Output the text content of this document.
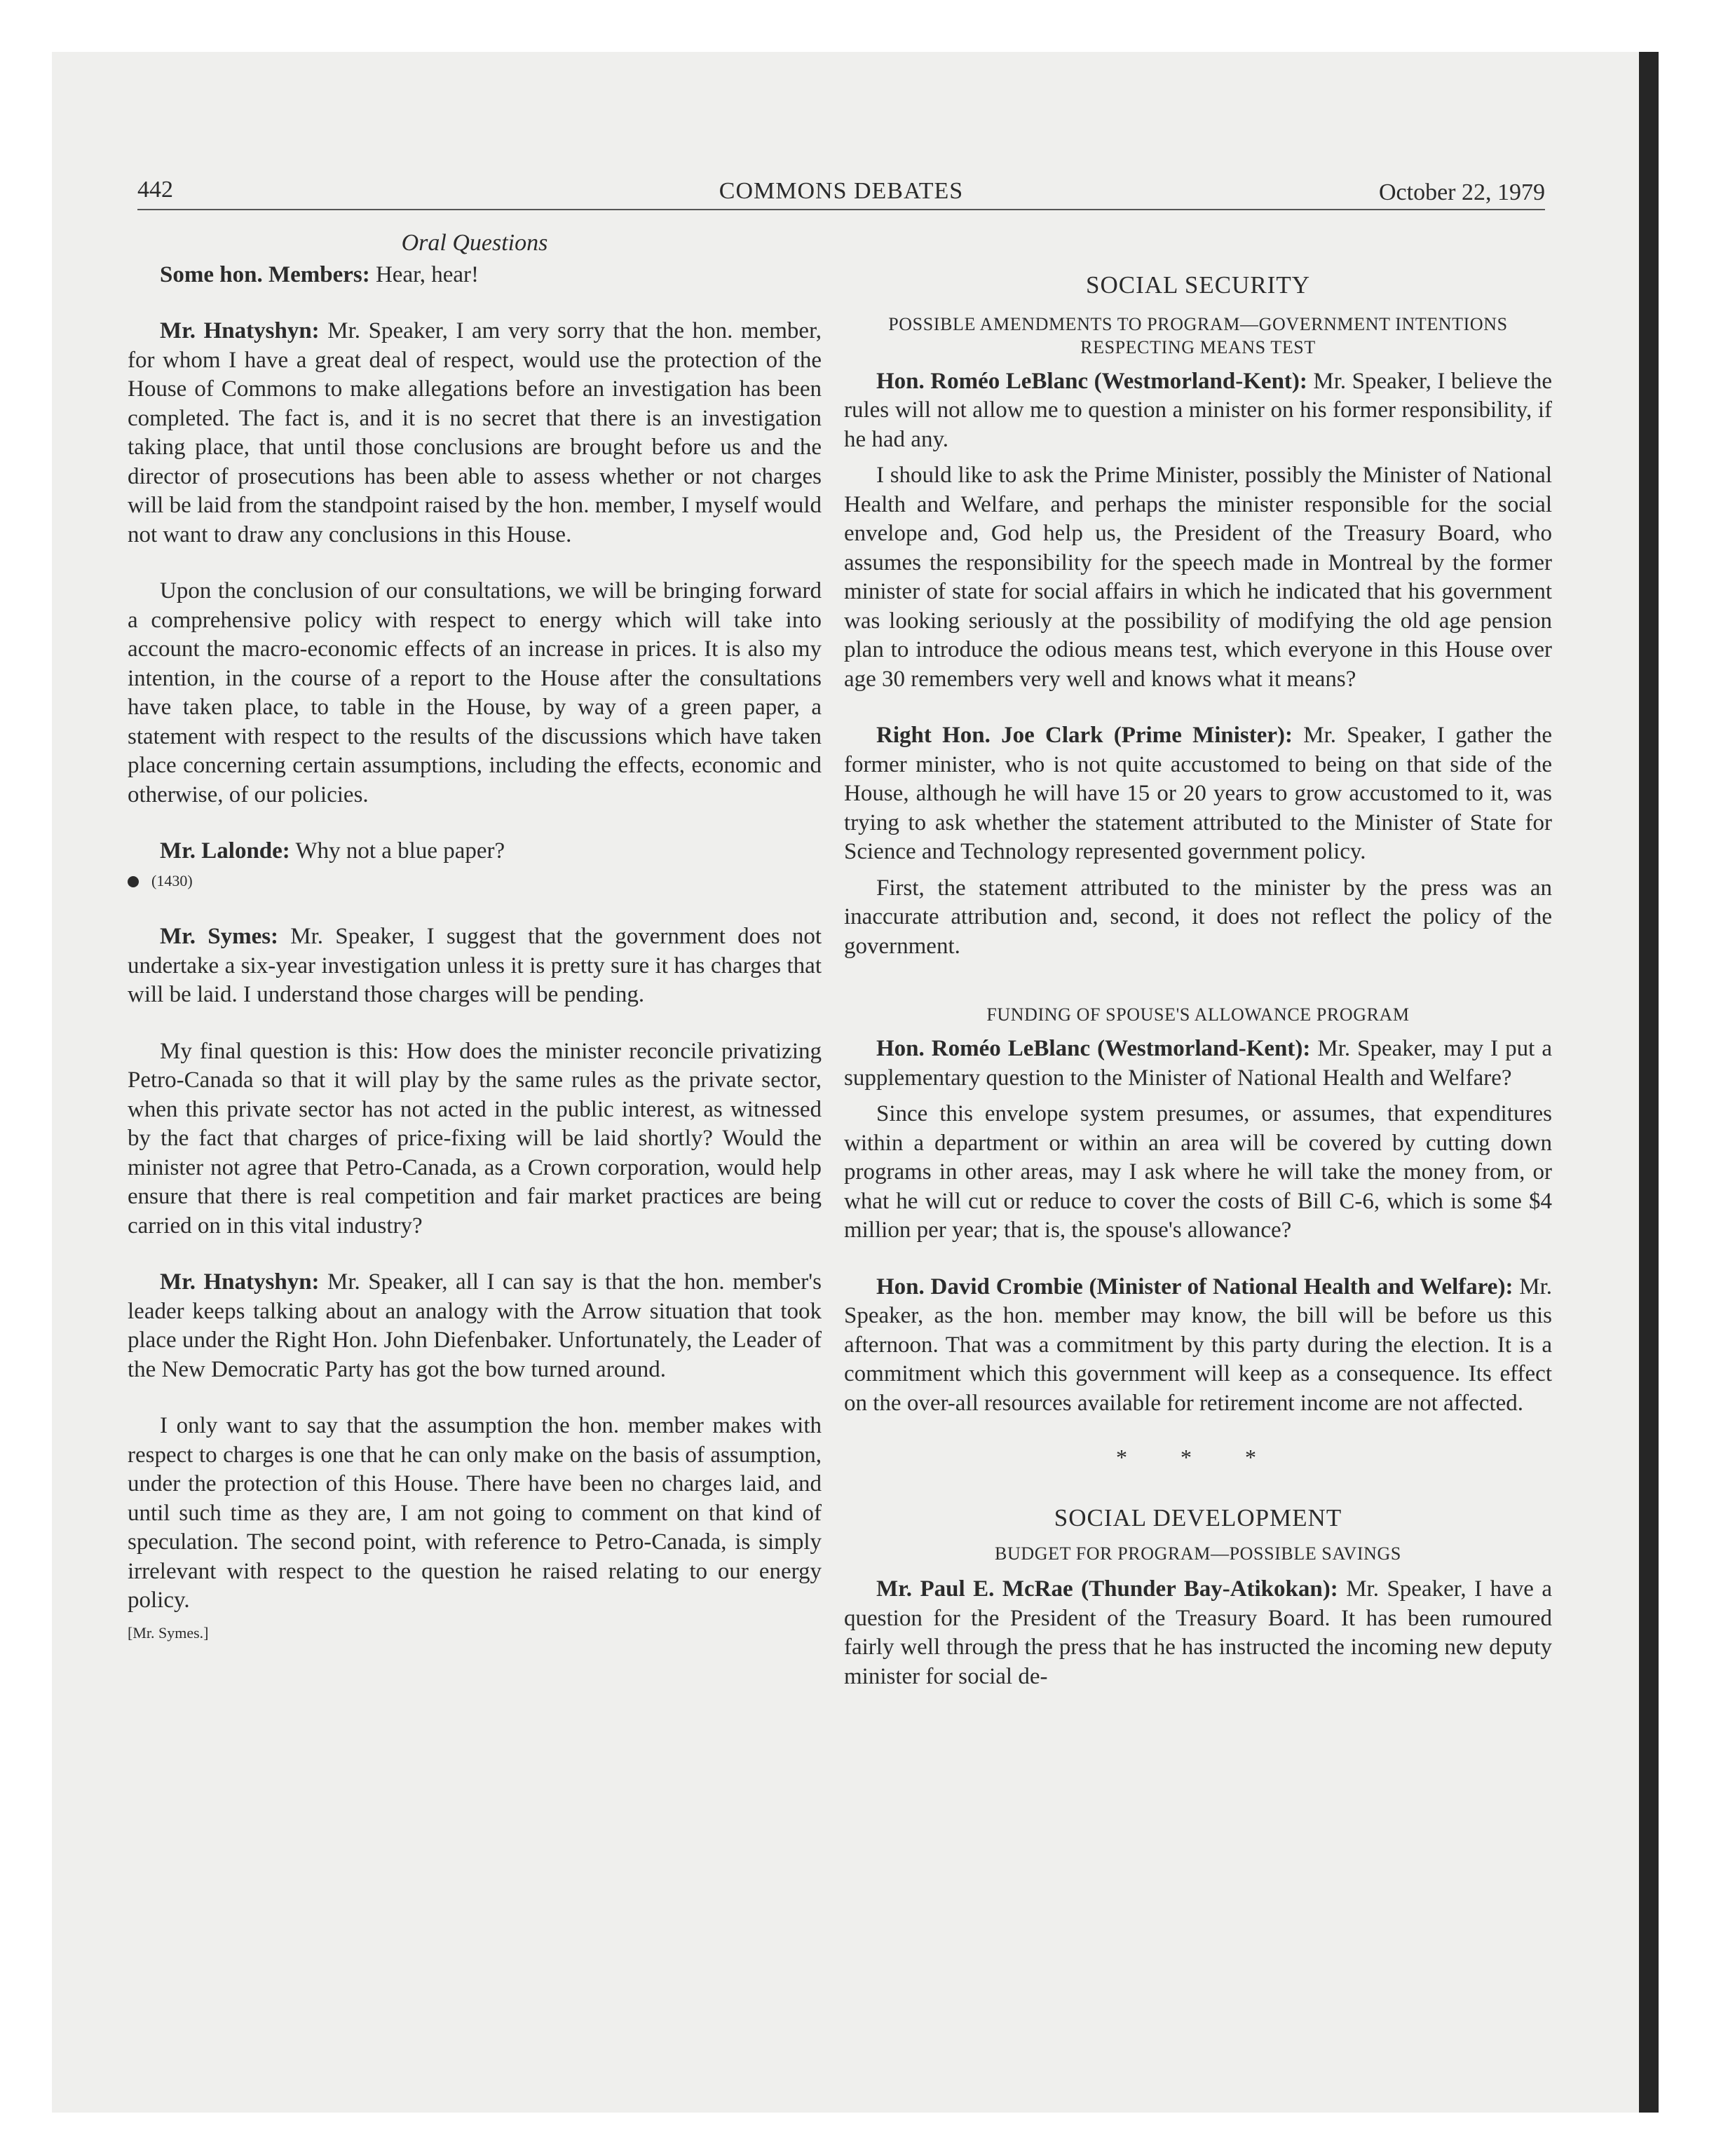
442	COMMONS DEBATES	October 22, 1979

Oral Questions

Some hon. Members: Hear, hear!

Mr. Hnatyshyn: Mr. Speaker, I am very sorry that the hon. member, for whom I have a great deal of respect, would use the protection of the House of Commons to make allegations before an investigation has been completed. The fact is, and it is no secret that there is an investigation taking place, that until those conclusions are brought before us and the director of prosecutions has been able to assess whether or not charges will be laid from the standpoint raised by the hon. member, I myself would not want to draw any conclusions in this House.

Upon the conclusion of our consultations, we will be bringing forward a comprehensive policy with respect to energy which will take into account the macro-economic effects of an increase in prices. It is also my intention, in the course of a report to the House after the consultations have taken place, to table in the House, by way of a green paper, a statement with respect to the results of the discussions which have taken place concerning certain assumptions, including the effects, economic and otherwise, of our policies.

Mr. Lalonde: Why not a blue paper?

(1430)

Mr. Symes: Mr. Speaker, I suggest that the government does not undertake a six-year investigation unless it is pretty sure it has charges that will be laid. I understand those charges will be pending.

My final question is this: How does the minister reconcile privatizing Petro-Canada so that it will play by the same rules as the private sector, when this private sector has not acted in the public interest, as witnessed by the fact that charges of price-fixing will be laid shortly? Would the minister not agree that Petro-Canada, as a Crown corporation, would help ensure that there is real competition and fair market practices are being carried on in this vital industry?

Mr. Hnatyshyn: Mr. Speaker, all I can say is that the hon. member's leader keeps talking about an analogy with the Arrow situation that took place under the Right Hon. John Diefenbaker. Unfortunately, the Leader of the New Democratic Party has got the bow turned around.

I only want to say that the assumption the hon. member makes with respect to charges is one that he can only make on the basis of assumption, under the protection of this House. There have been no charges laid, and until such time as they are, I am not going to comment on that kind of speculation. The second point, with reference to Petro-Canada, is simply irrelevant with respect to the question he raised relating to our energy policy.

[Mr. Symes.]

SOCIAL SECURITY

POSSIBLE AMENDMENTS TO PROGRAM—GOVERNMENT INTENTIONS RESPECTING MEANS TEST

Hon. Roméo LeBlanc (Westmorland-Kent): Mr. Speaker, I believe the rules will not allow me to question a minister on his former responsibility, if he had any.

I should like to ask the Prime Minister, possibly the Minister of National Health and Welfare, and perhaps the minister responsible for the social envelope and, God help us, the President of the Treasury Board, who assumes the responsibility for the speech made in Montreal by the former minister of state for social affairs in which he indicated that his government was looking seriously at the possibility of modifying the old age pension plan to introduce the odious means test, which everyone in this House over age 30 remembers very well and knows what it means?

Right Hon. Joe Clark (Prime Minister): Mr. Speaker, I gather the former minister, who is not quite accustomed to being on that side of the House, although he will have 15 or 20 years to grow accustomed to it, was trying to ask whether the statement attributed to the Minister of State for Science and Technology represented government policy.

First, the statement attributed to the minister by the press was an inaccurate attribution and, second, it does not reflect the policy of the government.

FUNDING OF SPOUSE'S ALLOWANCE PROGRAM

Hon. Roméo LeBlanc (Westmorland-Kent): Mr. Speaker, may I put a supplementary question to the Minister of National Health and Welfare?

Since this envelope system presumes, or assumes, that expenditures within a department or within an area will be covered by cutting down programs in other areas, may I ask where he will take the money from, or what he will cut or reduce to cover the costs of Bill C-6, which is some $4 million per year; that is, the spouse's allowance?

Hon. David Crombie (Minister of National Health and Welfare): Mr. Speaker, as the hon. member may know, the bill will be before us this afternoon. That was a commitment by this party during the election. It is a commitment which this government will keep as a consequence. Its effect on the over-all resources available for retirement income are not affected.

* * *

SOCIAL DEVELOPMENT

BUDGET FOR PROGRAM—POSSIBLE SAVINGS

Mr. Paul E. McRae (Thunder Bay-Atikokan): Mr. Speaker, I have a question for the President of the Treasury Board. It has been rumoured fairly well through the press that he has instructed the incoming new deputy minister for social de-
